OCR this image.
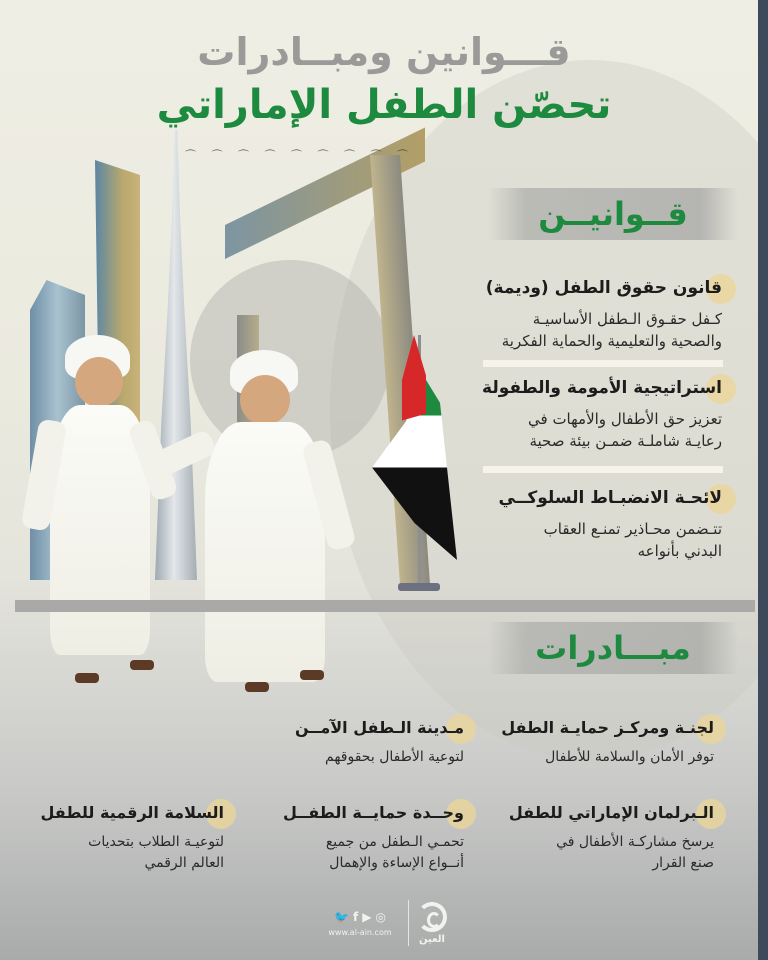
قـــوانين ومبــادرات
تحصّن الطفل الإماراتي
⌒ ⌒ ⌒ ⌒ ⌒ ⌒ ⌒ ⌒ ⌒
قــوانيــن
قانون حقوق الطفل (وديمة)
كـفل حقـوق الـطفل الأساسيـة
والصحية والتعليمية والحماية الفكرية
استراتيجية الأمومة والطفولة
تعزيز حق الأطفال والأمهات في
رعايـة شاملـة ضمـن بيئة صحية
لائحـة الانضبـاط السلوكــي
تتـضمن محـاذير تمنـع العقاب
البدني بأنواعه
مبـــادرات
لجنـة ومركـز حمايـة الطفل
توفر الأمان والسلامة للأطفال
مـدينة الـطفل الآمــن
لتوعية الأطفال بحقوقهم
الـبرلمان الإماراتي للطفل
يرسخ مشاركـة الأطفال في
صنع القرار
وحــدة حمايــة الطفــل
تحمـي الـطفل من جميع
أنــواع الإساءة والإهمال
السلامة الرقمية للطفل
لتوعيـة الطلاب بتحديات
العالم الرقمي
🐦 f ▶ ◎
www.al-ain.com
العين
